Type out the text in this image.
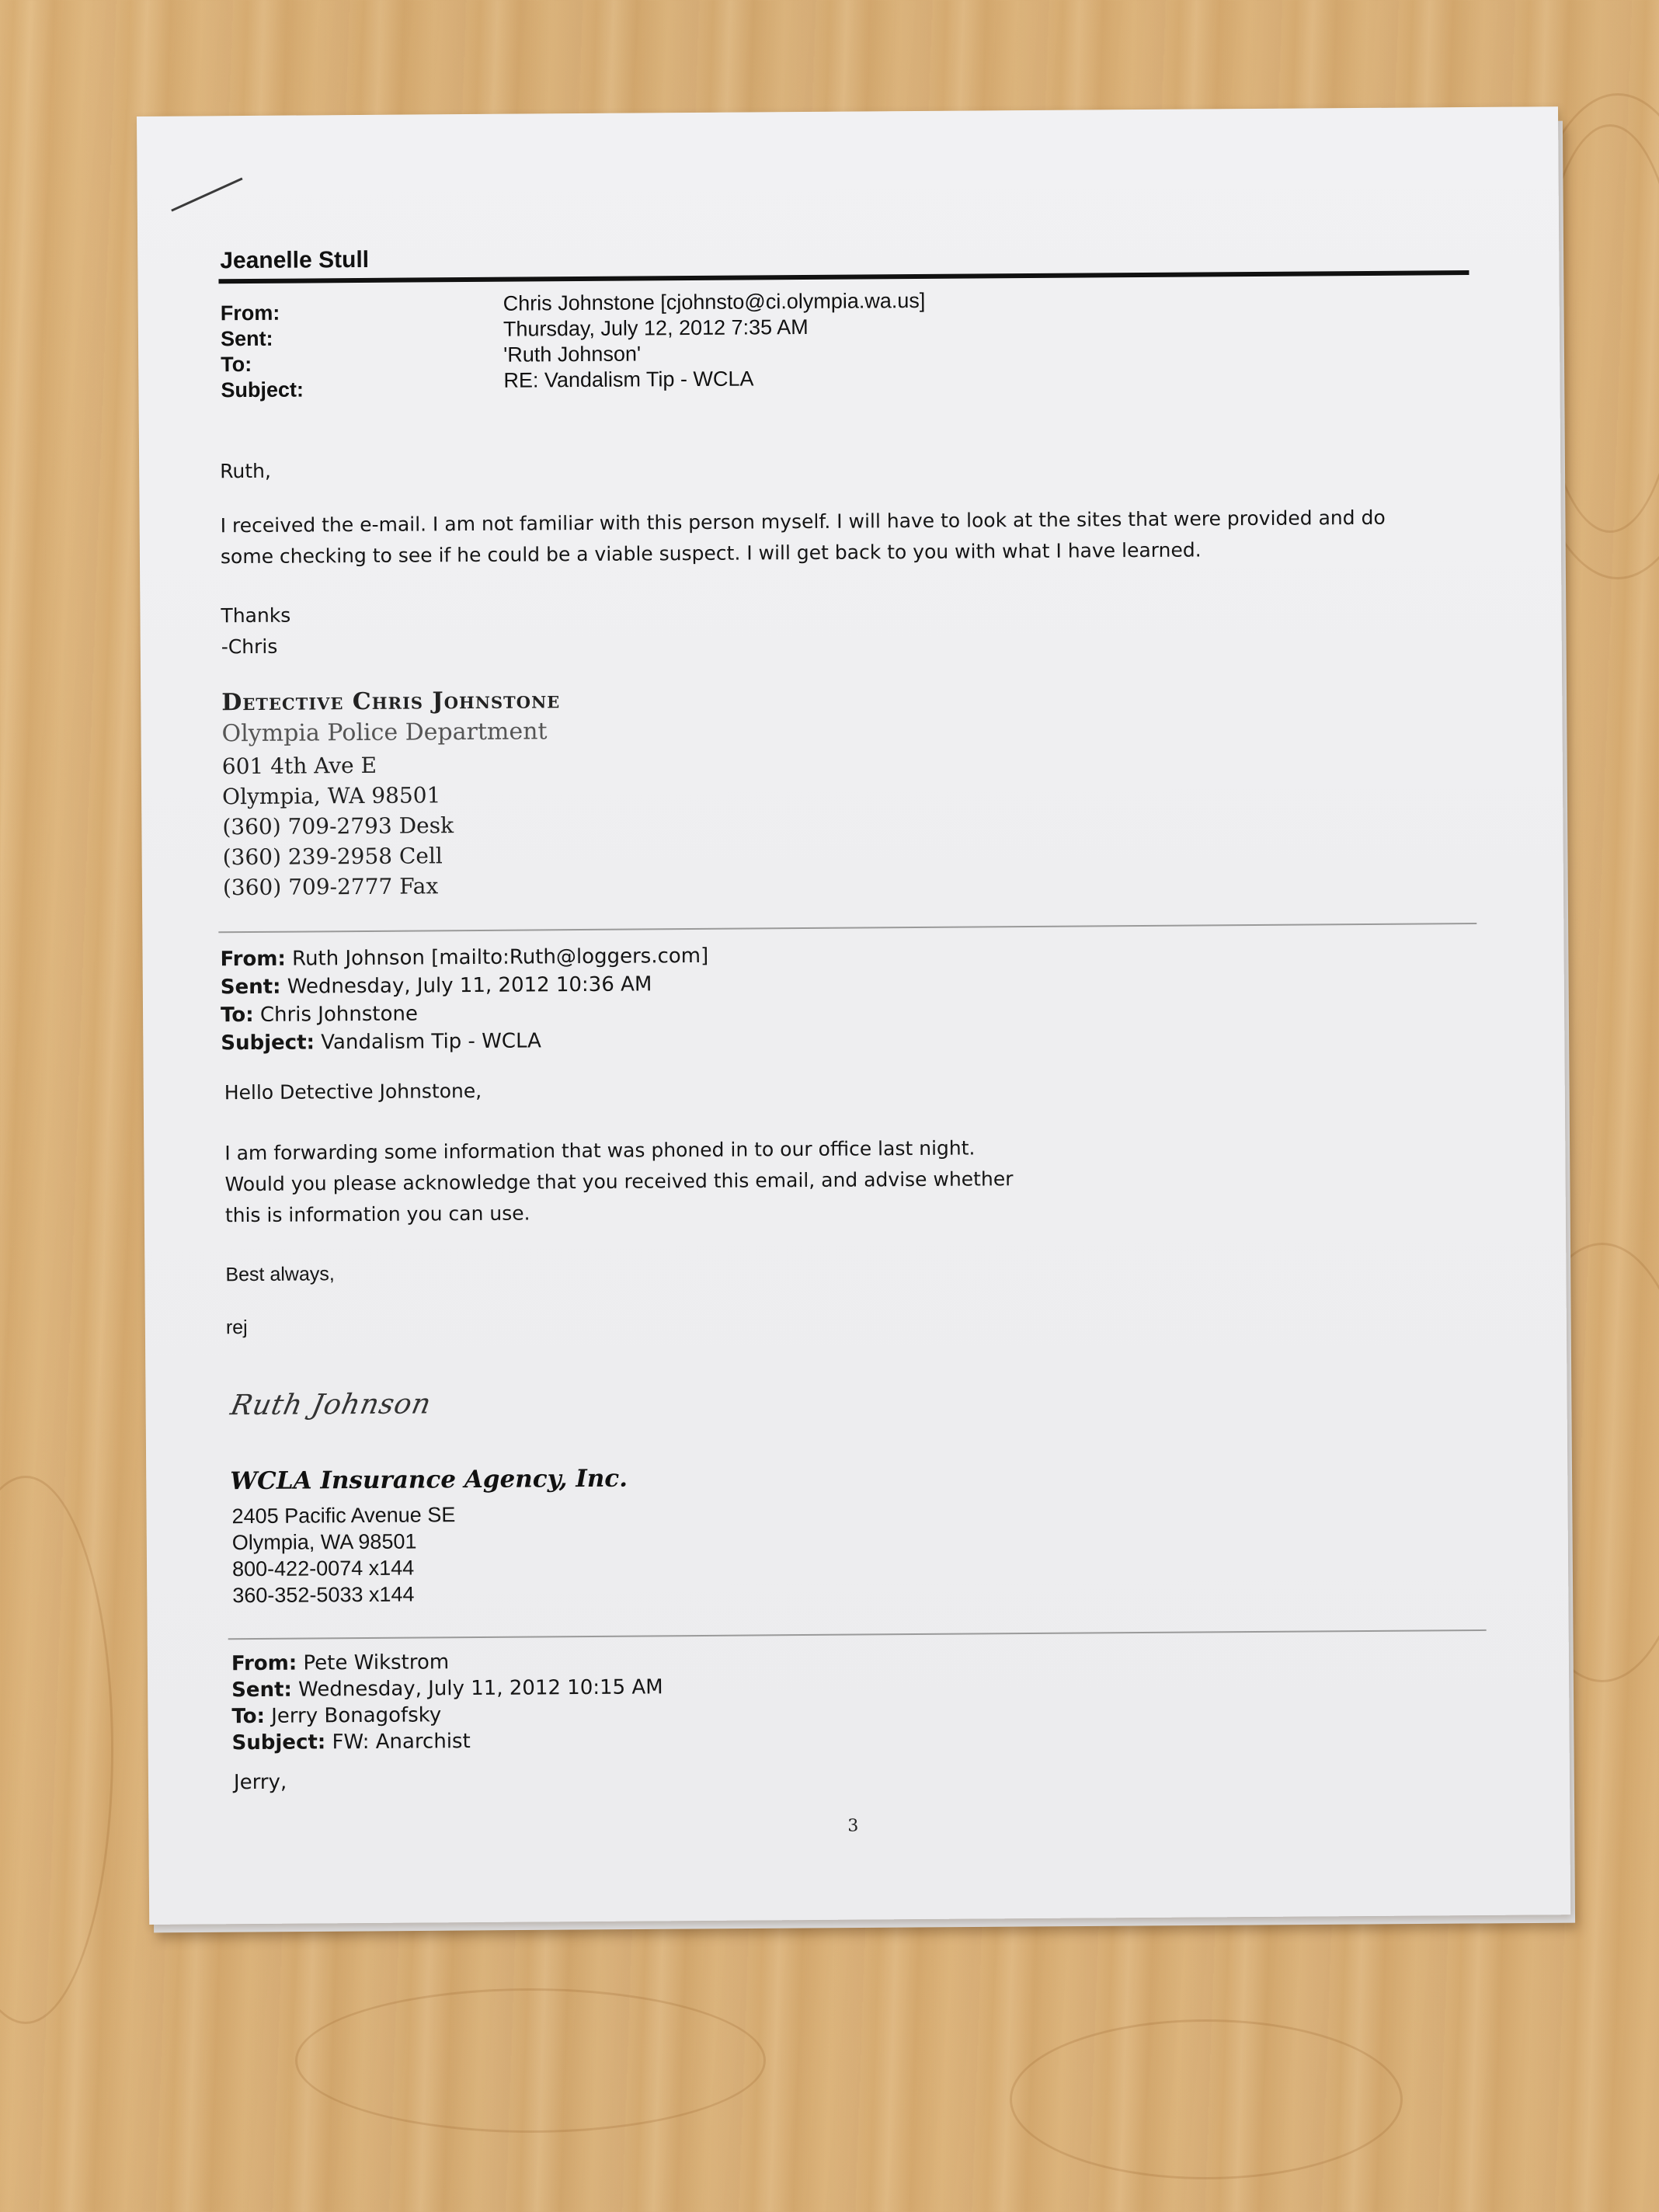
Jeanelle Stull
From:
Sent:
To:
Subject:
Chris Johnstone [cjohnsto@ci.olympia.wa.us]
Thursday, July 12, 2012 7:35 AM
'Ruth Johnson'
RE: Vandalism Tip - WCLA
Ruth,
I received the e-mail. I am not familiar with this person myself. I will have to look at the sites that were provided and do
some checking to see if he could be a viable suspect. I will get back to you with what I have learned.
Thanks
-Chris
Detective Chris Johnstone
Olympia Police Department
601 4th Ave E
Olympia, WA 98501
(360) 709-2793 Desk
(360) 239-2958 Cell
(360) 709-2777 Fax
From: Ruth Johnson [mailto:Ruth@loggers.com]
Sent: Wednesday, July 11, 2012 10:36 AM
To: Chris Johnstone
Subject: Vandalism Tip - WCLA
Hello Detective Johnstone,
I am forwarding some information that was phoned in to our office last night.
Would you please acknowledge that you received this email, and advise whether
this is information you can use.
Best always,
rej
Ruth Johnson
WCLA Insurance Agency, Inc.
2405 Pacific Avenue SE
Olympia, WA 98501
800-422-0074 x144
360-352-5033 x144
From: Pete Wikstrom
Sent: Wednesday, July 11, 2012 10:15 AM
To: Jerry Bonagofsky
Subject: FW: Anarchist
Jerry,
3
